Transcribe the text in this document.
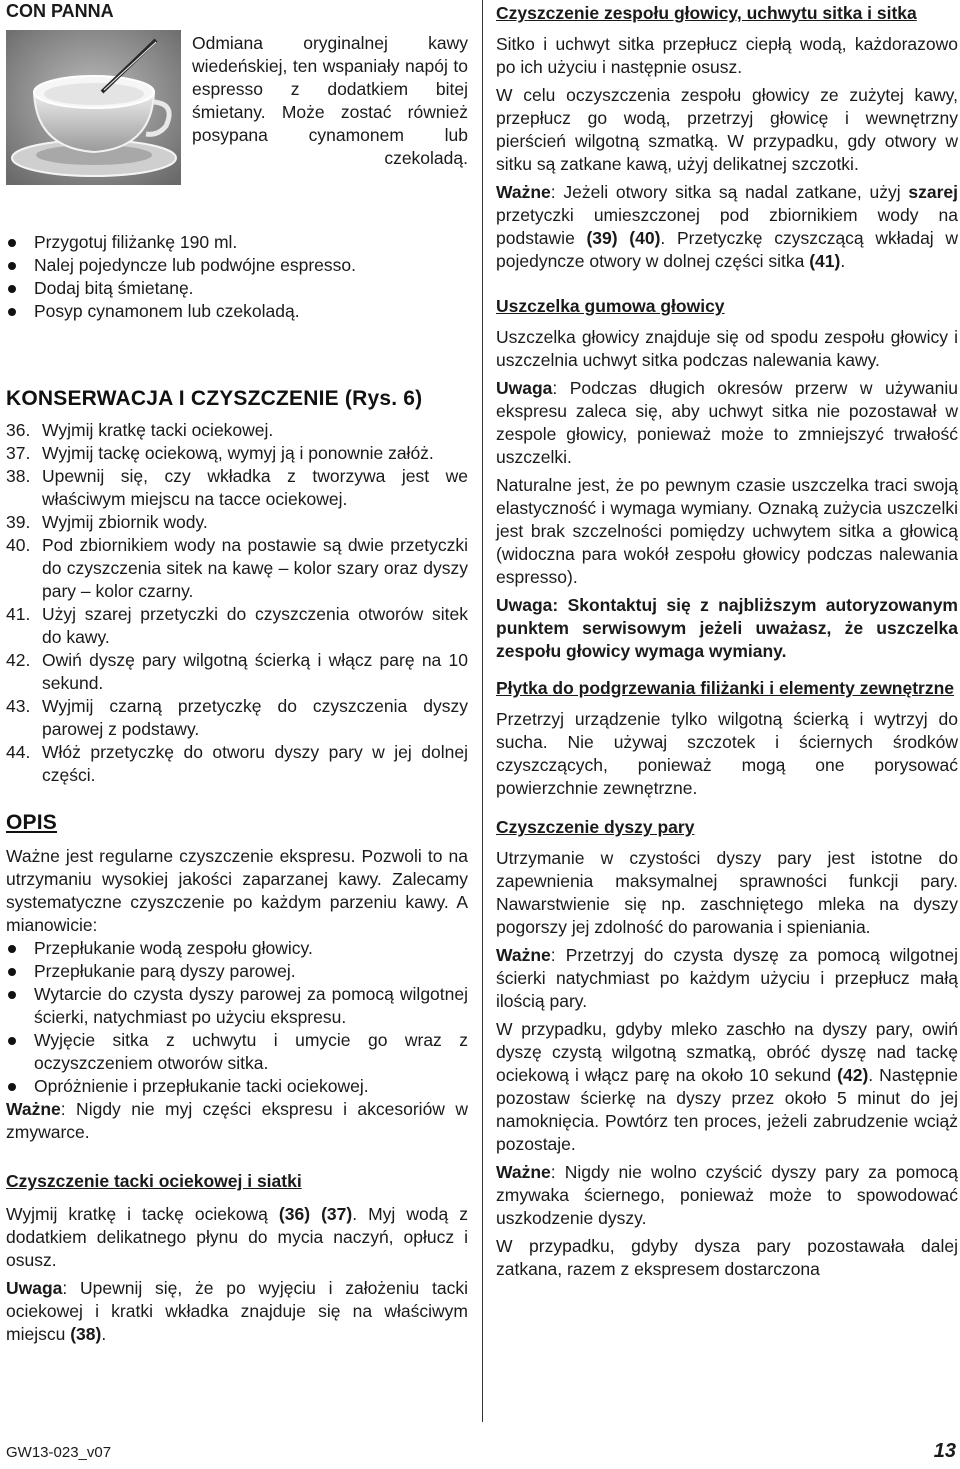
CON PANNA
Odmiana oryginalnej kawy wiedeńskiej, ten wspaniały napój to espresso z dodatkiem bitej śmietany. Może zostać również posypana cynamonem lub czekoladą.
Przygotuj filiżankę 190 ml.
Nalej pojedyncze lub podwójne espresso.
Dodaj bitą śmietanę.
Posyp cynamonem lub czekoladą.
KONSERWACJA I CZYSZCZENIE (Rys. 6)
36. Wyjmij kratkę tacki ociekowej.
37. Wyjmij tackę ociekową, wymyj ją i ponownie załóż.
38. Upewnij się, czy wkładka z tworzywa jest we właściwym miejscu na tacce ociekowej.
39. Wyjmij zbiornik wody.
40. Pod zbiornikiem wody na postawie są dwie przetyczki do czyszczenia sitek na kawę – kolor szary oraz dyszy pary – kolor czarny.
41. Użyj szarej przetyczki do czyszczenia otworów sitek do kawy.
42. Owiń dyszę pary wilgotną ścierką i włącz parę na 10 sekund.
43. Wyjmij czarną przetyczkę do czyszczenia dyszy parowej z podstawy.
44. Włóż przetyczkę do otworu dyszy pary w jej dolnej części.
OPIS

Ważne jest regularne czyszczenie ekspresu. Pozwoli to na utrzymaniu wysokiej jakości zaparzanej kawy. Zalecamy systematyczne czyszczenie po każdym parzeniu kawy. A mianowicie:

Przepłukanie wodą zespołu głowicy.
Przepłukanie parą dyszy parowej.
Wytarcie do czysta dyszy parowej za pomocą wilgotnej ścierki, natychmiast po użyciu ekspresu.
Wyjęcie sitka z uchwytu i umycie go wraz z oczyszczeniem otworów sitka.
Opróżnienie i przepłukanie tacki ociekowej.

Ważne: Nigdy nie myj części ekspresu i akcesoriów w zmywarce.

Czyszczenie tacki ociekowej i siatki

Wyjmij kratkę i tackę ociekową (36) (37). Myj wodą z dodatkiem delikatnego płynu do mycia naczyń, opłucz i osusz.

Uwaga: Upewnij się, że po wyjęciu i założeniu tacki ociekowej i kratki wkładka znajduje się na właściwym miejscu (38).

Czyszczenie zespołu głowicy, uchwytu sitka i sitka

Sitko i uchwyt sitka przepłucz ciepłą wodą, każdorazowo po ich użyciu i następnie osusz.

W celu oczyszczenia zespołu głowicy ze zużytej kawy, przepłucz go wodą, przetrzyj głowicę i wewnętrzny pierścień wilgotną szmatką. W przypadku, gdy otwory w sitku są zatkane kawą, użyj delikatnej szczotki.

Ważne: Jeżeli otwory sitka są nadal zatkane, użyj szarej przetyczki umieszczonej pod zbiornikiem wody na podstawie (39) (40). Przetyczkę czyszczącą wkładaj w pojedyncze otwory w dolnej części sitka (41).

Uszczelka gumowa głowicy

Uszczelka głowicy znajduje się od spodu zespołu głowicy i uszczelnia uchwyt sitka podczas nalewania kawy.

Uwaga: Podczas długich okresów przerw w używaniu ekspresu zaleca się, aby uchwyt sitka nie pozostawał w zespole głowicy, ponieważ może to zmniejszyć trwałość uszczelki.

Naturalne jest, że po pewnym czasie uszczelka traci swoją elastyczność i wymaga wymiany. Oznaką zużycia uszczelki jest brak szczelności pomiędzy uchwytem sitka a głowicą (widoczna para wokół zespołu głowicy podczas nalewania espresso).

Uwaga: Skontaktuj się z najbliższym autoryzowanym punktem serwisowym jeżeli uważasz, że uszczelka zespołu głowicy wymaga wymiany.

Płytka do podgrzewania filiżanki i elementy zewnętrzne

Przetrzyj urządzenie tylko wilgotną ścierką i wytrzyj do sucha. Nie używaj szczotek i ściernych środków czyszczących, ponieważ mogą one porysować powierzchnie zewnętrzne.

Czyszczenie dyszy pary

Utrzymanie w czystości dyszy pary jest istotne do zapewnienia maksymalnej sprawności funkcji pary. Nawarstwienie się np. zaschniętego mleka na dyszy pogorszy jej zdolność do parowania i spieniania.

Ważne: Przetrzyj do czysta dyszę za pomocą wilgotnej ścierki natychmiast po każdym użyciu i przepłucz małą ilością pary.

W przypadku, gdyby mleko zaschło na dyszy pary, owiń dyszę czystą wilgotną szmatką, obróć dyszę nad tackę ociekową i włącz parę na około 10 sekund (42). Następnie pozostaw ścierkę na dyszy przez około 5 minut do jej namoknięcia. Powtórz ten proces, jeżeli zabrudzenie wciąż pozostaje.

Ważne: Nigdy nie wolno czyścić dyszy pary za pomocą zmywaka ściernego, ponieważ może to spowodować uszkodzenie dyszy.

W przypadku, gdyby dysza pary pozostawała dalej zatkana, razem z ekspresem dostarczona

GW13-023_v07	13
